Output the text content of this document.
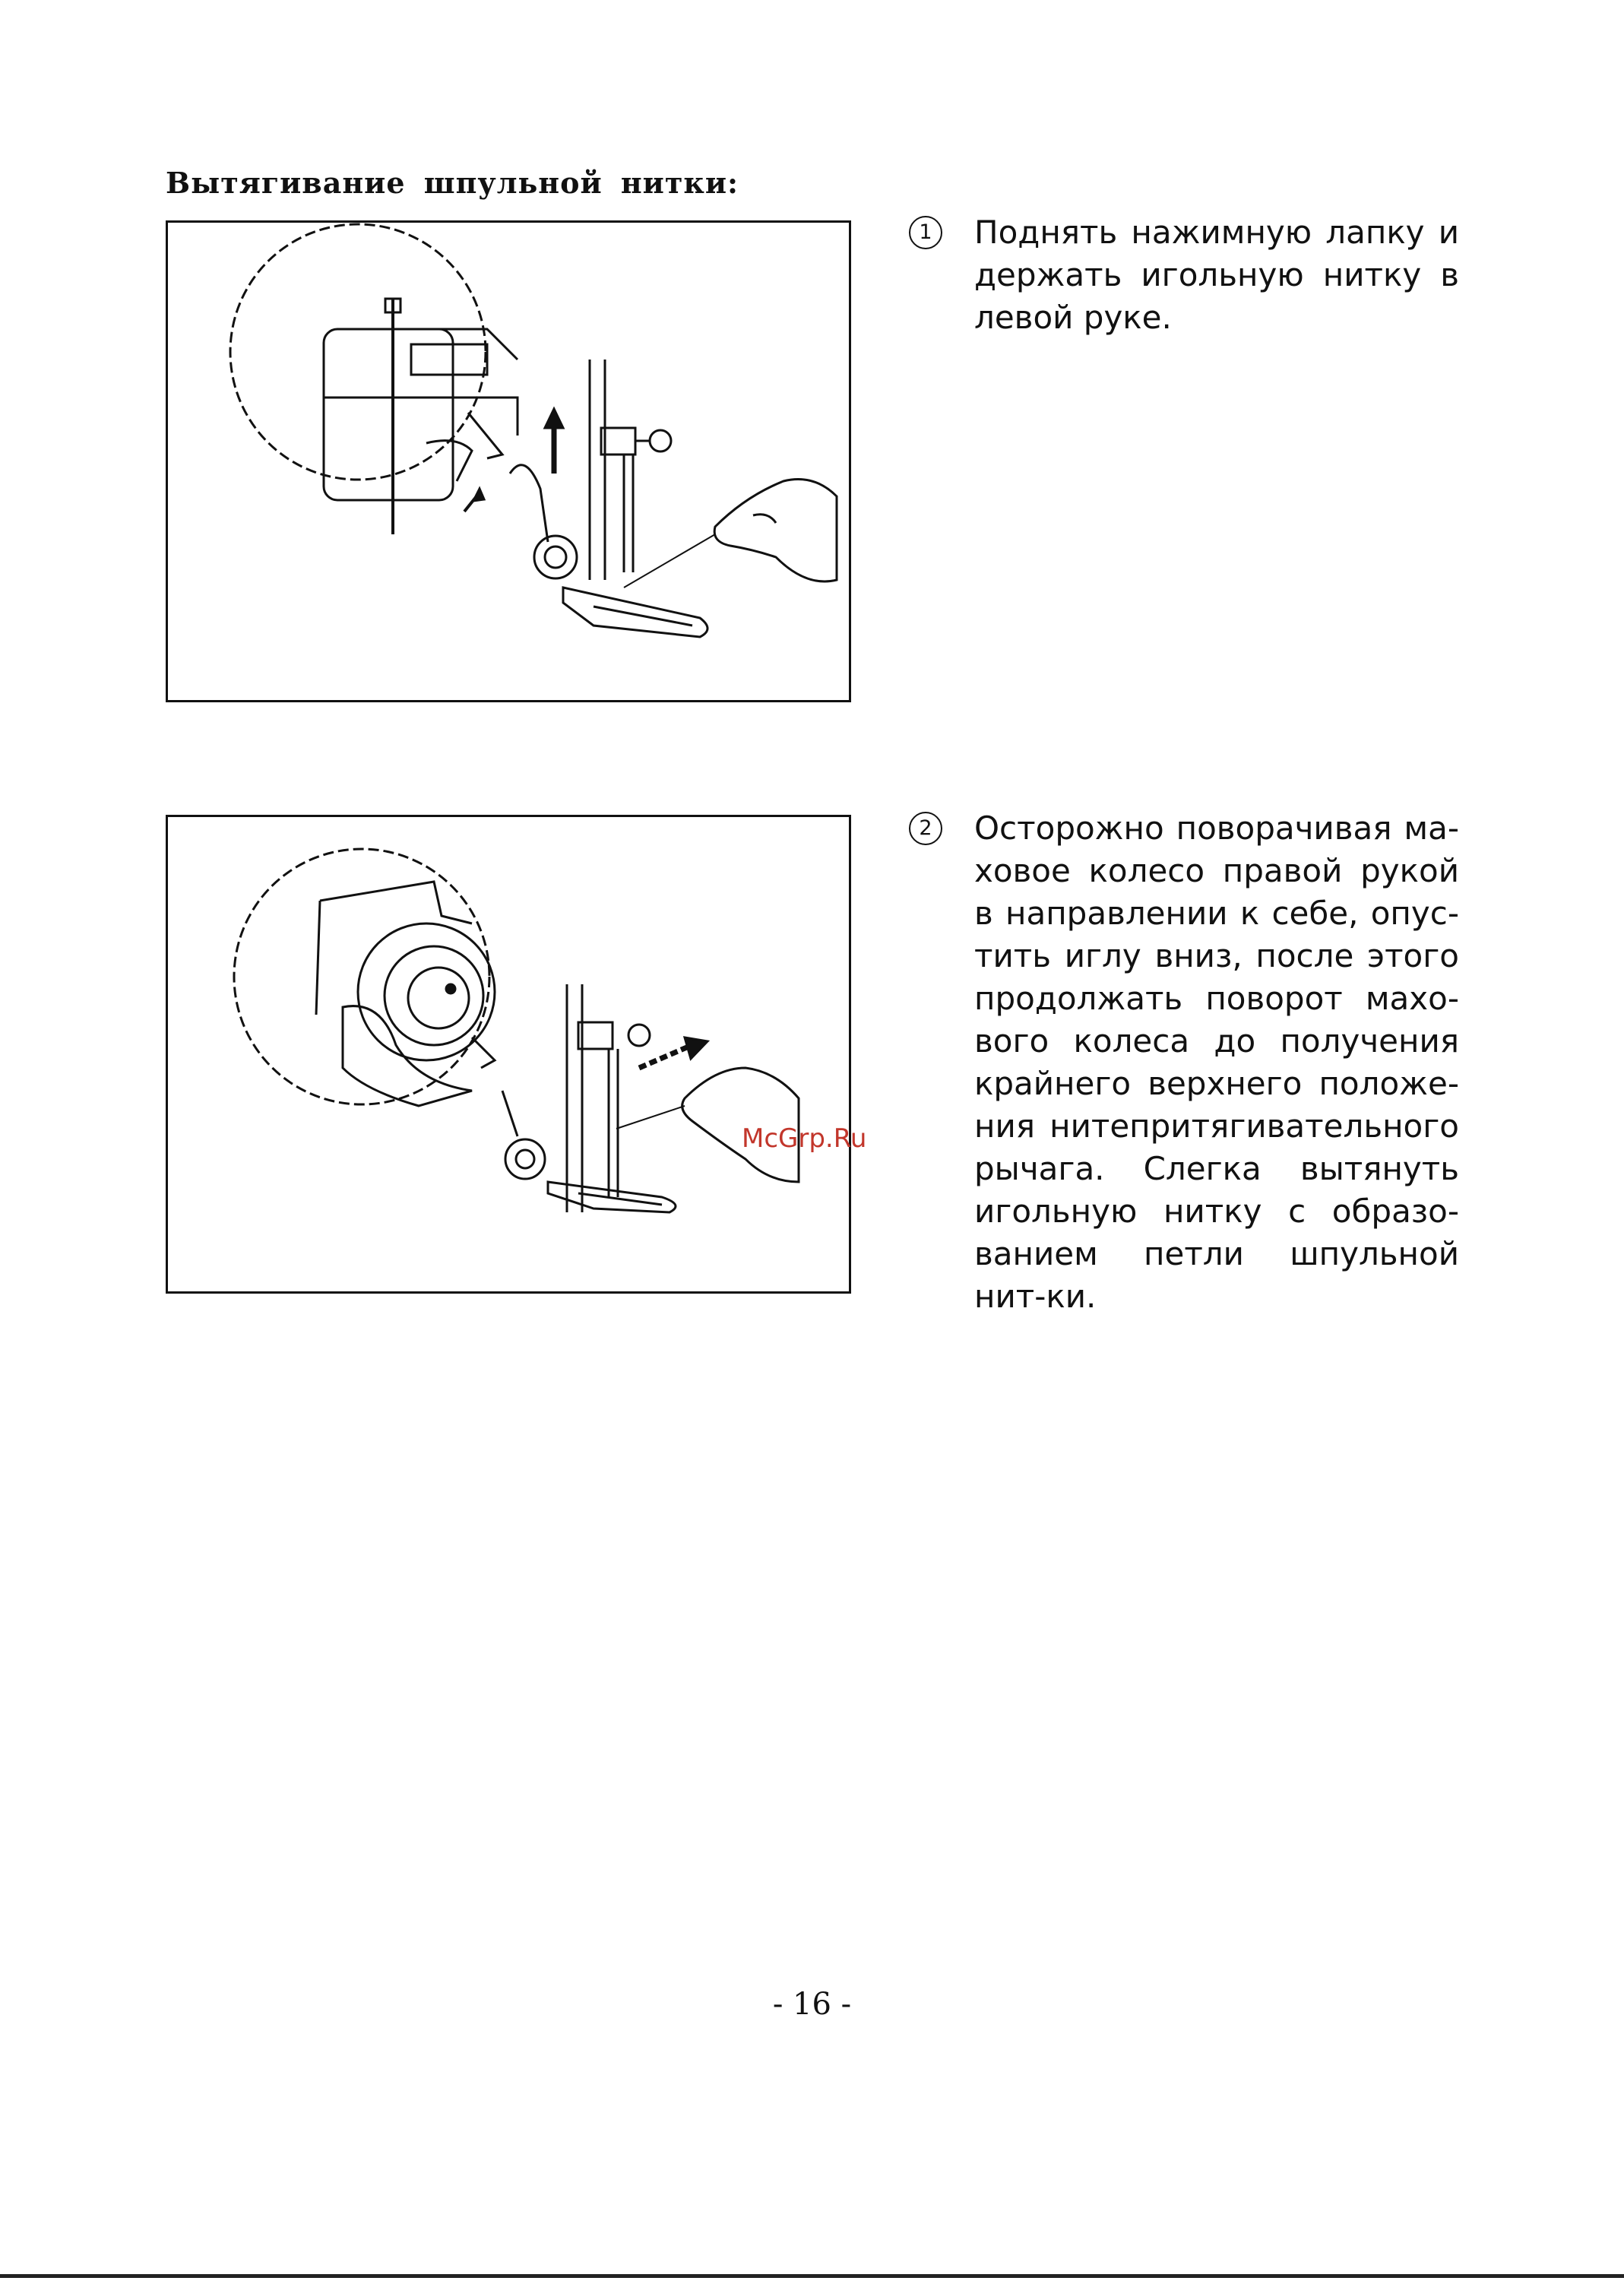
Вытягивание шпульной нитки:
1	Поднять нажимную лапку и держать игольную нитку в левой руке.
2	Осторожно поворачивая ма-ховое колесо правой рукой в направлении к себе, опус-тить иглу вниз, после этого продолжать поворот махо-вого колеса до получения крайнего верхнего положе-ния нитепритягивательного рычага. Слегка вытянуть игольную нитку с образо-ванием петли шпульной нит-ки.
McGrp.Ru
- 16 -
